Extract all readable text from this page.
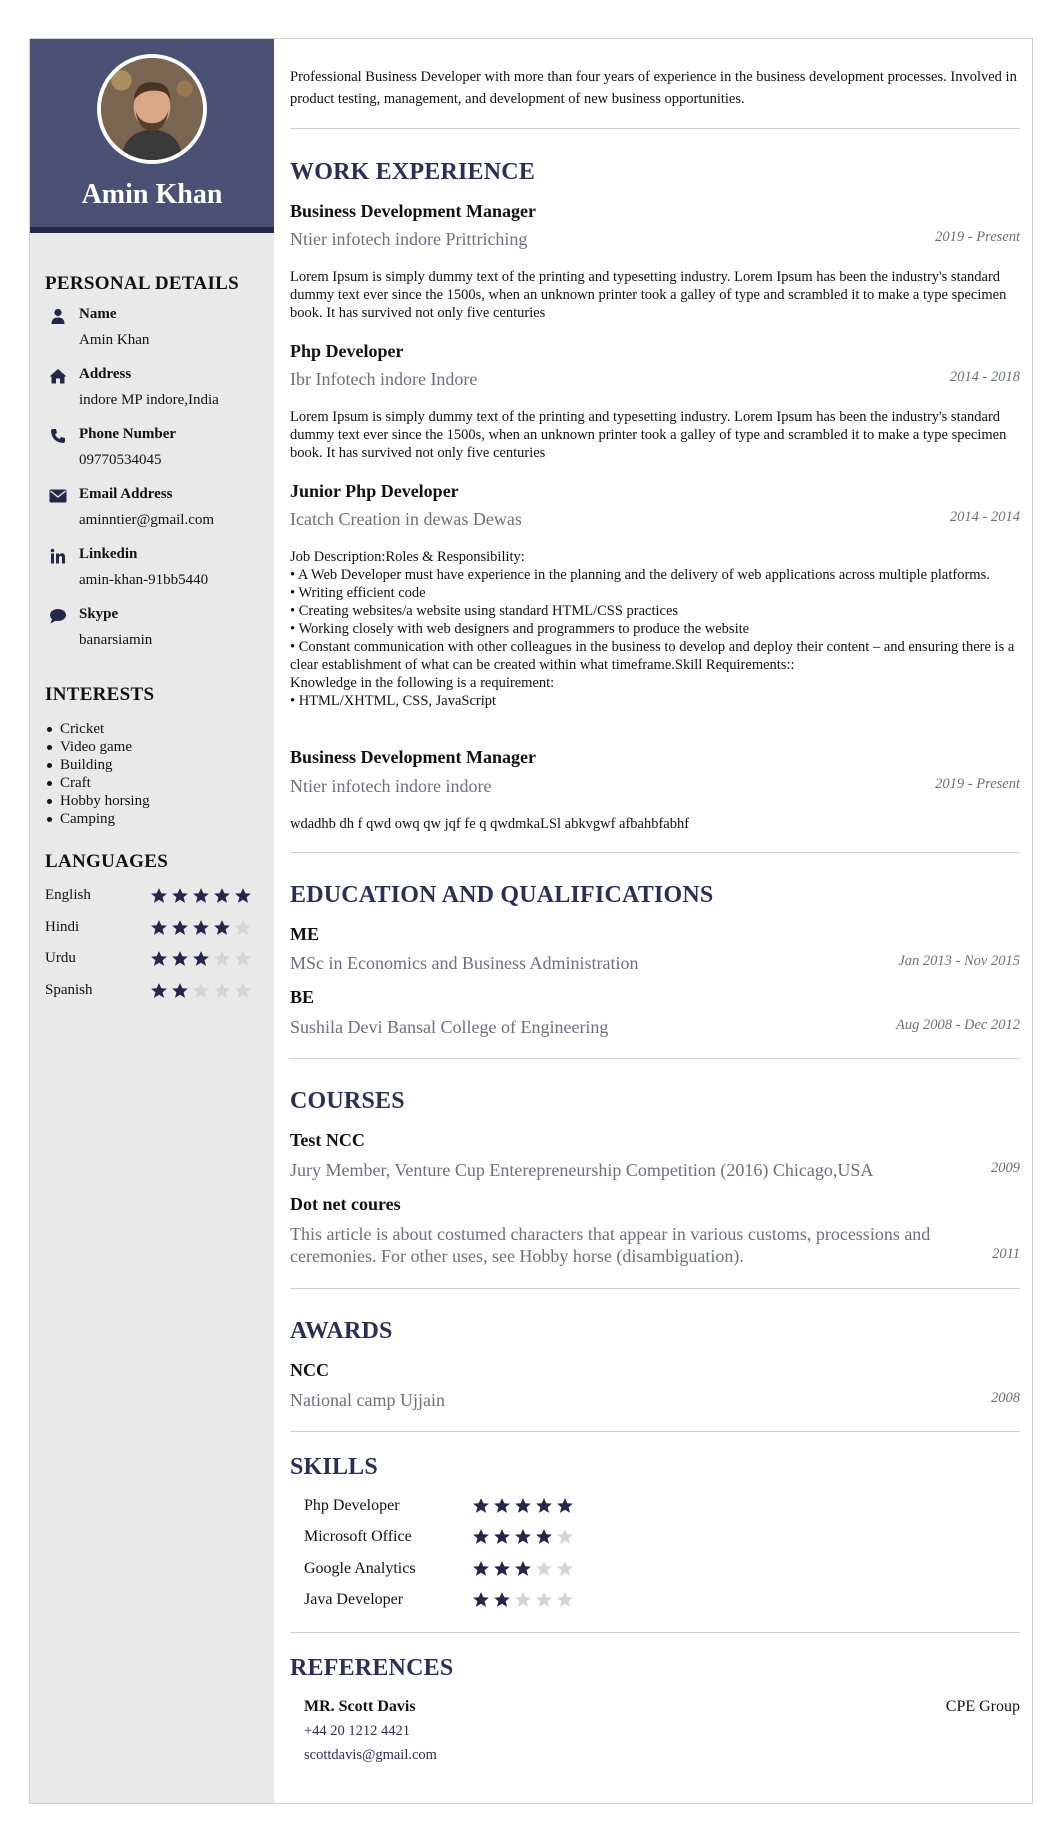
Amin Khan
PERSONAL DETAILS
Name
Amin Khan
Address
indore MP indore,India
Phone Number
09770534045
Email Address
aminntier@gmail.com
Linkedin
amin-khan-91bb5440
Skype
banarsiamin
INTERESTS
Cricket
Video game
Building
Craft
Hobby horsing
Camping
LANGUAGES
English
Hindi
Urdu
Spanish

Professional Business Developer with more than four years of experience in the business development processes. Involved in product testing, management, and development of new business opportunities.

WORK EXPERIENCE
Business Development Manager
Ntier infotech indore Prittriching	2019 - Present
Lorem Ipsum is simply dummy text of the printing and typesetting industry. Lorem Ipsum has been the industry's standard dummy text ever since the 1500s, when an unknown printer took a galley of type and scrambled it to make a type specimen book. It has survived not only five centuries
Php Developer
Ibr Infotech indore Indore	2014 - 2018
Lorem Ipsum is simply dummy text of the printing and typesetting industry. Lorem Ipsum has been the industry's standard dummy text ever since the 1500s, when an unknown printer took a galley of type and scrambled it to make a type specimen book. It has survived not only five centuries
Junior Php Developer
Icatch Creation in dewas Dewas	2014 - 2014
Job Description:Roles & Responsibility:
• A Web Developer must have experience in the planning and the delivery of web applications across multiple platforms.
• Writing efficient code
• Creating websites/a website using standard HTML/CSS practices
• Working closely with web designers and programmers to produce the website
• Constant communication with other colleagues in the business to develop and deploy their content – and ensuring there is a clear establishment of what can be created within what timeframe.Skill Requirements::
Knowledge in the following is a requirement:
• HTML/XHTML, CSS, JavaScript
Business Development Manager
Ntier infotech indore indore	2019 - Present
wdadhb dh f qwd owq qw jqf fe q qwdmkaLSl abkvgwf afbahbfabhf
EDUCATION AND QUALIFICATIONS
ME
MSc in Economics and Business Administration	Jan 2013 - Nov 2015
BE
Sushila Devi Bansal College of Engineering	Aug 2008 - Dec 2012
COURSES
Test NCC
Jury Member, Venture Cup Enterepreneurship Competition (2016) Chicago,USA	2009
Dot net coures
This article is about costumed characters that appear in various customs, processions and ceremonies. For other uses, see Hobby horse (disambiguation).	2011
AWARDS
NCC
National camp Ujjain	2008
SKILLS
Php Developer
Microsoft Office
Google Analytics
Java Developer
REFERENCES
MR. Scott Davis	CPE Group
+44 20 1212 4421
scottdavis@gmail.com
